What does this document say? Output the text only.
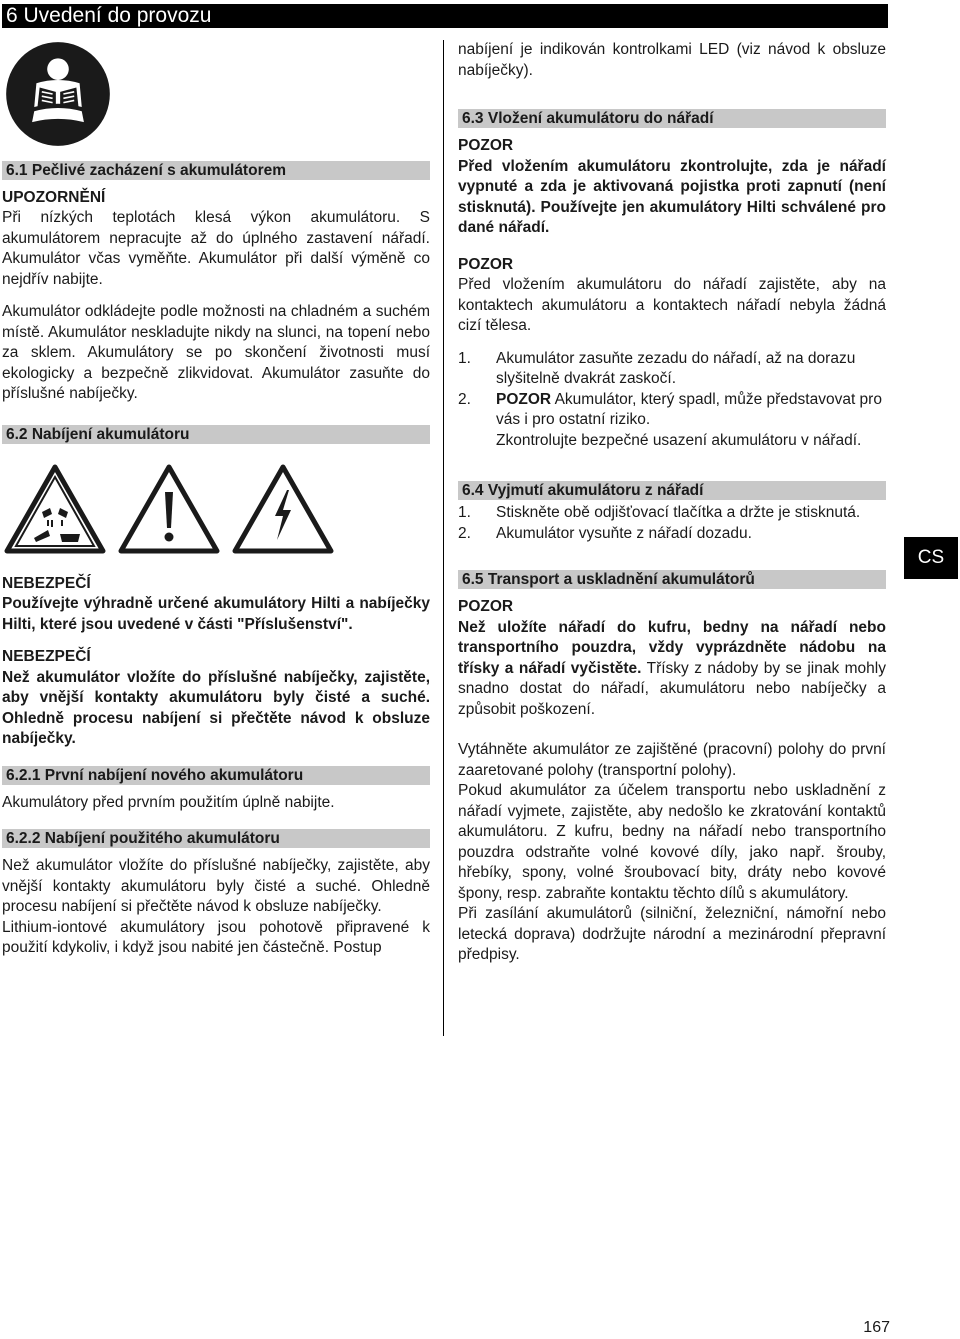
6 Uvedení do provozu
6.1 Pečlivé zacházení s akumulátorem

UPOZORNĚNÍ

Při nízkých teplotách klesá výkon akumulátoru. S akumulátorem nepracujte až do úplného zastavení nářadí. Akumulátor včas vyměňte. Akumulátor při další výměně co nejdřív nabijte.

Akumulátor odkládejte podle možnosti na chladném a suchém místě. Akumulátor neskladujte nikdy na slunci, na topení nebo za sklem. Akumulátory se po skončení životnosti musí ekologicky a bezpečně zlikvidovat. Akumulátor zasuňte do příslušné nabíječky.

6.2 Nabíjení akumulátoru

NEBEZPEČÍ

Používejte výhradně určené akumulátory Hilti a nabíječky Hilti, které jsou uvedené v části "Příslušenství".

NEBEZPEČÍ

Než akumulátor vložíte do příslušné nabíječky, zajistěte, aby vnější kontakty akumulátoru byly čisté a suché. Ohledně procesu nabíjení si přečtěte návod k obsluze nabíječky.

6.2.1 První nabíjení nového akumulátoru

Akumulátory před prvním použitím úplně nabijte.

6.2.2 Nabíjení použitého akumulátoru

Než akumulátor vložíte do příslušné nabíječky, zajistěte, aby vnější kontakty akumulátoru byly čisté a suché. Ohledně procesu nabíjení si přečtěte návod k obsluze nabíječky.

Lithium-iontové akumulátory jsou pohotově připravené k použití kdykoliv, i když jsou nabité jen částečně. Postup

nabíjení je indikován kontrolkami LED (viz návod k obsluze nabíječky).

6.3 Vložení akumulátoru do nářadí

POZOR

Před vložením akumulátoru zkontrolujte, zda je nářadí vypnuté a zda je aktivovaná pojistka proti zapnutí (není stisknutá). Používejte jen akumulátory Hilti schválené pro dané nářadí.

POZOR

Před vložením akumulátoru do nářadí zajistěte, aby na kontaktech akumulátoru a kontaktech nářadí nebyla žádná cizí tělesa.

1. Akumulátor zasuňte zezadu do nářadí, až na dorazu slyšitelně dvakrát zaskočí.
2. POZOR Akumulátor, který spadl, může představovat pro vás i pro ostatní riziko.
Zkontrolujte bezpečné usazení akumulátoru v nářadí.
6.4 Vyjmutí akumulátoru z nářadí
1. Stiskněte obě odjišťovací tlačítka a držte je stisknutá.
2. Akumulátor vysuňte z nářadí dozadu.
6.5 Transport a uskladnění akumulátorů

POZOR

Než uložíte nářadí do kufru, bedny na nářadí nebo transportního pouzdra, vždy vyprázdněte nádobu na třísky a nářadí vyčistěte. Třísky z nádoby by se jinak mohly snadno dostat do nářadí, akumulátoru nebo nabíječky a způsobit poškození.

Vytáhněte akumulátor ze zajištěné (pracovní) polohy do první zaaretované polohy (transportní polohy).

Pokud akumulátor za účelem transportu nebo uskladnění z nářadí vyjmete, zajistěte, aby nedošlo ke zkratování kontaktů akumulátoru. Z kufru, bedny na nářadí nebo transportního pouzdra odstraňte volné kovové díly, jako např. šrouby, hřebíky, spony, volné šroubovací bity, dráty nebo kovové špony, resp. zabraňte kontaktu těchto dílů s akumulátory.

Při zasílání akumulátorů (silniční, železniční, námořní nebo letecká doprava) dodržujte národní a mezinárodní přepravní předpisy.

CS
167
